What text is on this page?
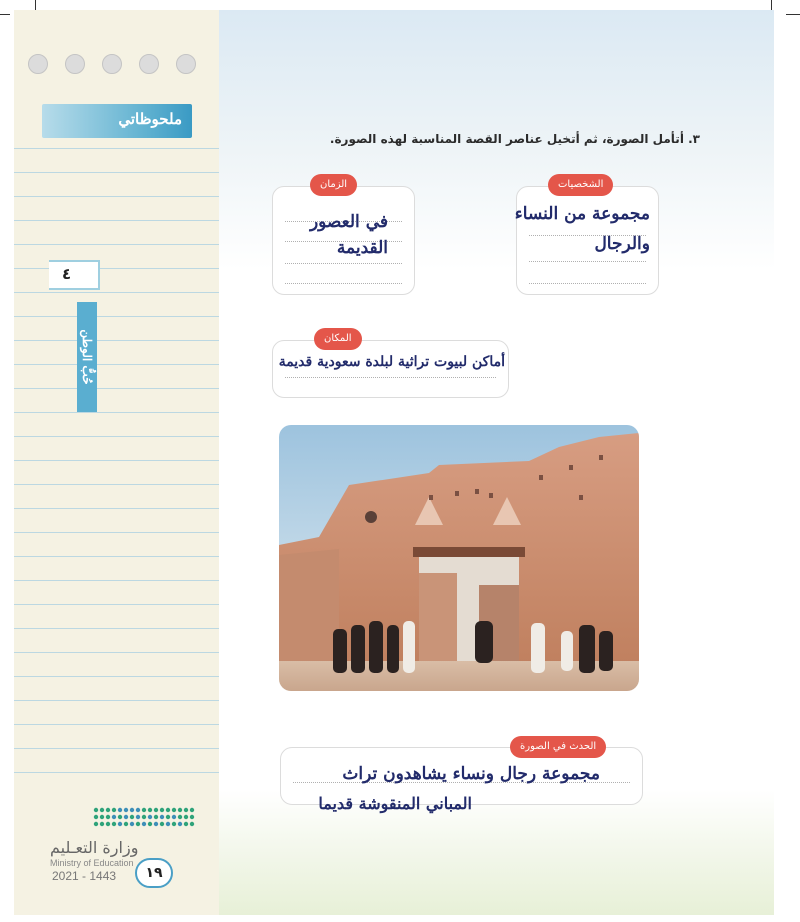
ملحوظاتي
٤
حُبُّ الوطن
وزارة التعـليم
Ministry of Education
2021 - 1443	١٩
٣. أتأمل الصورة، ثم أتخيل عناصر القصة المناسبة لهذه الصورة.
الشخصيات
مجموعة من النساء
والرجال
الزمان
في العصور
القديمة
المكان
أماكن لبيوت تراثية لبلدة سعودية قديمة
الحدث في الصورة
مجموعة رجال ونساء يشاهدون تراث
المباني المنقوشة قديما
